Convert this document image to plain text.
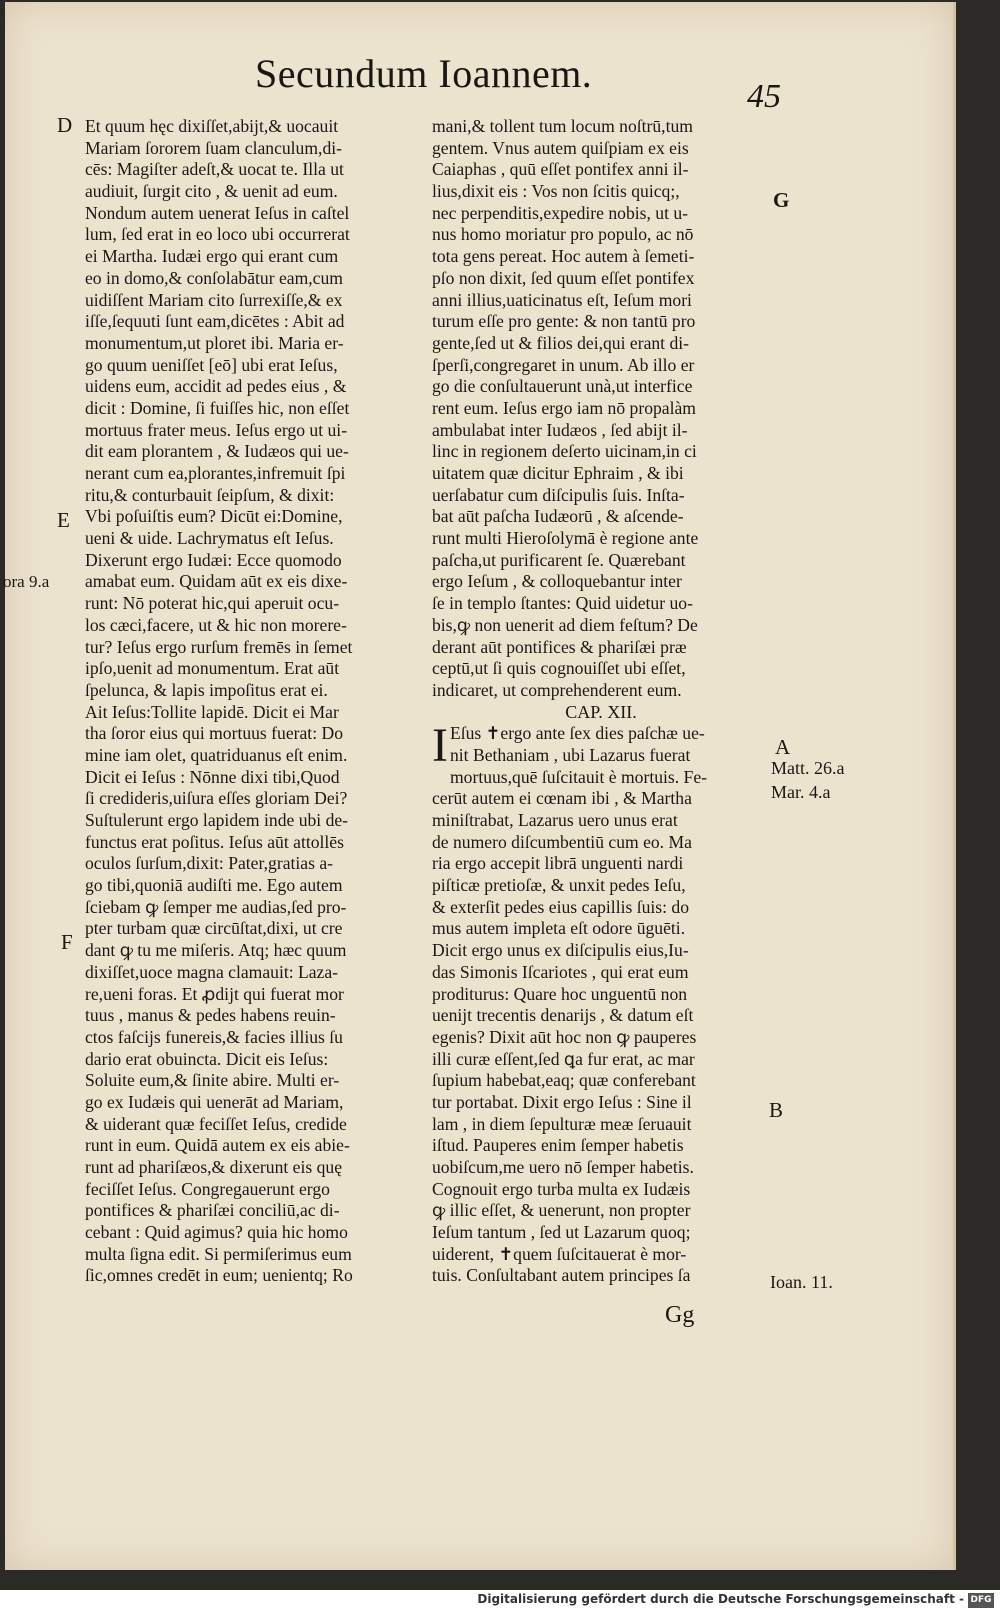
Secundum Ioannem.
45
Et quum hęc dixiſſet,abijt,& uocauit
Mariam ſororem ſuam clanculum,di-
cēs: Magiſter adeſt,& uocat te. Illa ut
audiuit, ſurgit cito , & uenit ad eum.
Nondum autem uenerat Ieſus in caſtel
lum, ſed erat in eo loco ubi occurrerat
ei Martha. Iudæi ergo qui erant cum
eo in domo,& conſolabātur eam,cum
uidiſſent Mariam cito ſurrexiſſe,& ex
iſſe,ſequuti ſunt eam,dicētes : Abit ad
monumentum,ut ploret ibi. Maria er-
go quum ueniſſet [eō] ubi erat Ieſus,
uidens eum, accidit ad pedes eius , &
dicit : Domine, ſi fuiſſes hic, non eſſet
mortuus frater meus. Ieſus ergo ut ui-
dit eam plorantem , & Iudæos qui ue-
nerant cum ea,plorantes,infremuit ſpi
ritu,& conturbauit ſeipſum, & dixit:
Vbi poſuiſtis eum? Dicūt ei:Domine,
ueni & uide. Lachrymatus eſt Ieſus.
Dixerunt ergo Iudæi: Ecce quomodo
amabat eum. Quidam aūt ex eis dixe-
runt: Nō poterat hic,qui aperuit ocu-
los cæci,facere, ut & hic non morere-
tur? Ieſus ergo rurſum fremēs in ſemet
ipſo,uenit ad monumentum. Erat aūt
ſpelunca, & lapis impoſitus erat ei.
Ait Ieſus:Tollite lapidē. Dicit ei Mar
tha ſoror eius qui mortuus fuerat: Do
mine iam olet, quatriduanus eſt enim.
Dicit ei Ieſus : Nōnne dixi tibi,Quod
ſi credideris,uiſura eſſes gloriam Dei?
Suſtulerunt ergo lapidem inde ubi de-
functus erat poſitus. Ieſus aūt attollēs
oculos ſurſum,dixit: Pater,gratias a-
go tibi,quoniā audiſti me. Ego autem
ſciebam ꝙ ſemper me audias,ſed pro-
pter turbam quæ circūſtat,dixi, ut cre
dant ꝙ tu me miſeris. Atq; hæc quum
dixiſſet,uoce magna clamauit: Laza-
re,ueni foras. Et ꝓdijt qui fuerat mor
tuus , manus & pedes habens reuin-
ctos faſcijs funereis,& facies illius ſu
dario erat obuincta. Dicit eis Ieſus:
Soluite eum,& ſinite abire. Multi er-
go ex Iudæis qui uenerāt ad Mariam,
& uiderant quæ feciſſet Ieſus, credide
runt in eum. Quidā autem ex eis abie-
runt ad phariſæos,& dixerunt eis quę
feciſſet Ieſus. Congregauerunt ergo
pontifices & phariſæi conciliū,ac di-
cebant : Quid agimus? quia hic homo
multa ſigna edit. Si permiſerimus eum
ſic,omnes credēt in eum; uenientq; Ro
mani,& tollent tum locum noſtrū,tum
gentem. Vnus autem quiſpiam ex eis
Caiaphas , quū eſſet pontifex anni il-
lius,dixit eis : Vos non ſcitis quicq;,
nec perpenditis,expedire nobis, ut u-
nus homo moriatur pro populo, ac nō
tota gens pereat. Hoc autem à ſemeti-
pſo non dixit, ſed quum eſſet pontifex
anni illius,uaticinatus eſt, Ieſum mori
turum eſſe pro gente: & non tantū pro
gente,ſed ut & filios dei,qui erant di-
ſperſi,congregaret in unum. Ab illo er
go die conſultauerunt unà,ut interfice
rent eum. Ieſus ergo iam nō propalàm
ambulabat inter Iudæos , ſed abijt il-
linc in regionem deſerto uicinam,in ci
uitatem quæ dicitur Ephraim , & ibi
uerſabatur cum diſcipulis ſuis. Inſta-
bat aūt paſcha Iudæorū , & aſcende-
runt multi Hieroſolymā è regione ante
paſcha,ut purificarent ſe. Quærebant
ergo Ieſum , & colloquebantur inter
ſe in templo ſtantes: Quid uidetur uo-
bis,ꝙ non uenerit ad diem feſtum? De
derant aūt pontifices & phariſæi præ
ceptū,ut ſi quis cognouiſſet ubi eſſet,
indicaret, ut comprehenderent eum.
CAP. XII.
I Eſus ✝ergo ante ſex dies paſchæ ue-
nit Bethaniam , ubi Lazarus fuerat
mortuus,quē ſuſcitauit è mortuis. Fe-
cerūt autem ei cœnam ibi , & Martha
miniſtrabat, Lazarus uero unus erat
de numero diſcumbentiū cum eo. Ma
ria ergo accepit librā unguenti nardi
piſticæ pretioſæ, & unxit pedes Ieſu,
& exterſit pedes eius capillis ſuis: do
mus autem impleta eſt odore ūguēti.
Dicit ergo unus ex diſcipulis eius,Iu-
das Simonis Iſcariotes , qui erat eum
proditurus: Quare hoc unguentū non
uenijt trecentis denarijs , & datum eſt
egenis? Dixit aūt hoc non ꝙ pauperes
illi curæ eſſent,ſed ꝗa fur erat, ac mar
ſupium habebat,eaq; quæ conferebant
tur portabat. Dixit ergo Ieſus : Sine il
lam , in diem ſepulturæ meæ ſeruauit
iſtud. Pauperes enim ſemper habetis
uobiſcum,me uero nō ſemper habetis.
Cognouit ergo turba multa ex Iudæis
ꝙ illic eſſet, & uenerunt, non propter
Ieſum tantum , ſed ut Lazarum quoq;
uiderent, ✝quem ſuſcitauerat è mor-
tuis. Conſultabant autem principes ſa
D
E
F
ora 9.a
G
A
B
Matt. 26.a
Mar. 4.a
Ioan. 11.
Gg
Digitalisierung gefördert durch die Deutsche Forschungsgemeinschaft - DFG
